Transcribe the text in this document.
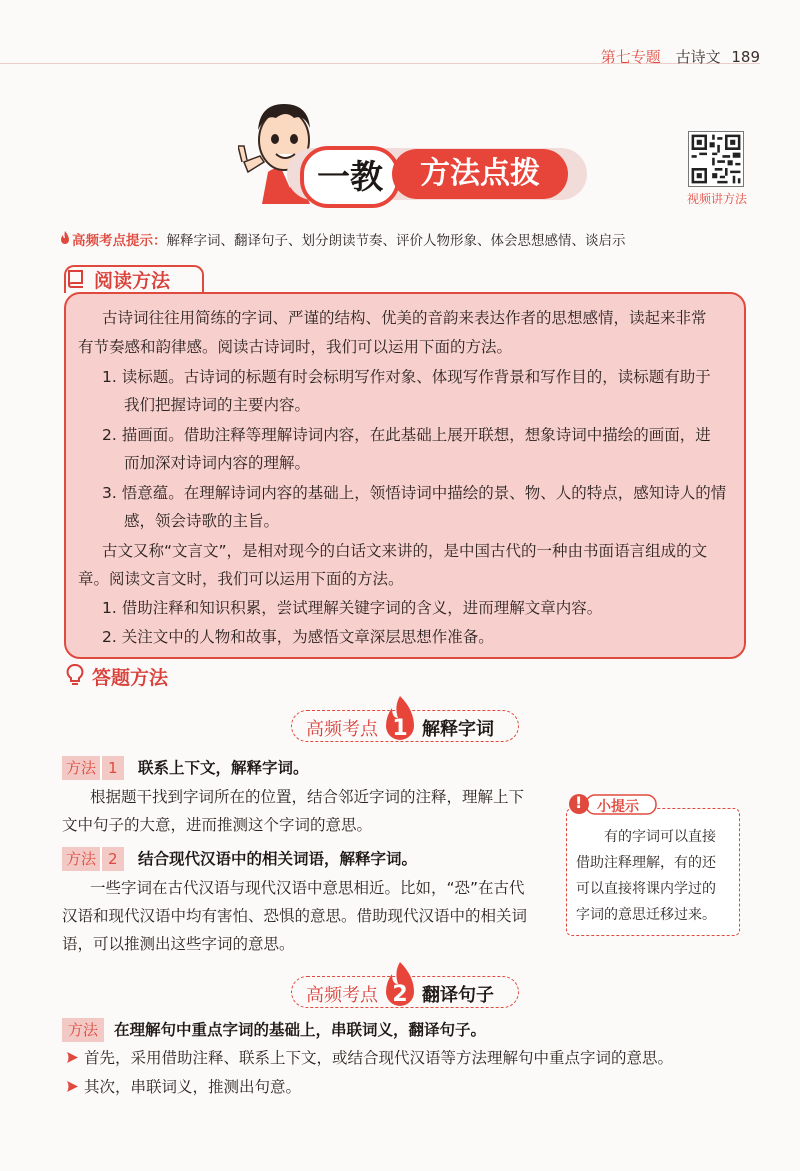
第七专题 古诗文 189
一教	方法点拨
视频讲方法
高频考点提示：解释字词、翻译句子、划分朗读节奏、评价人物形象、体会思想感情、谈启示
阅读方法
古诗词往往用简练的字词、严谨的结构、优美的音韵来表达作者的思想感情，读起来非常
有节奏感和韵律感。阅读古诗词时，我们可以运用下面的方法。
1. 读标题。古诗词的标题有时会标明写作对象、体现写作背景和写作目的，读标题有助于
我们把握诗词的主要内容。
2. 描画面。借助注释等理解诗词内容，在此基础上展开联想，想象诗词中描绘的画面，进
而加深对诗词内容的理解。
3. 悟意蕴。在理解诗词内容的基础上，领悟诗词中描绘的景、物、人的特点，感知诗人的情
感，领会诗歌的主旨。
古文又称“文言文”，是相对现今的白话文来讲的，是中国古代的一种由书面语言组成的文
章。阅读文言文时，我们可以运用下面的方法。
1. 借助注释和知识积累，尝试理解关键字词的含义，进而理解文章内容。
2. 关注文中的人物和故事，为感悟文章深层思想作准备。
答题方法
高频考点 1 解释字词
方法 1	联系上下文，解释字词。
根据题干找到字词所在的位置，结合邻近字词的注释，理解上下
文中句子的大意，进而推测这个字词的意思。
方法 2	结合现代汉语中的相关词语，解释字词。
一些字词在古代汉语与现代汉语中意思相近。比如，“恐”在古代
汉语和现代汉语中均有害怕、恐惧的意思。借助现代汉语中的相关词
语，可以推测出这些字词的意思。
! 小提示
有的字词可以直接
借助注释理解，有的还
可以直接将课内学过的
字词的意思迁移过来。
高频考点 2 翻译句子
方法	在理解句中重点字词的基础上，串联词义，翻译句子。
首先，采用借助注释、联系上下文，或结合现代汉语等方法理解句中重点字词的意思。
其次，串联词义，推测出句意。
